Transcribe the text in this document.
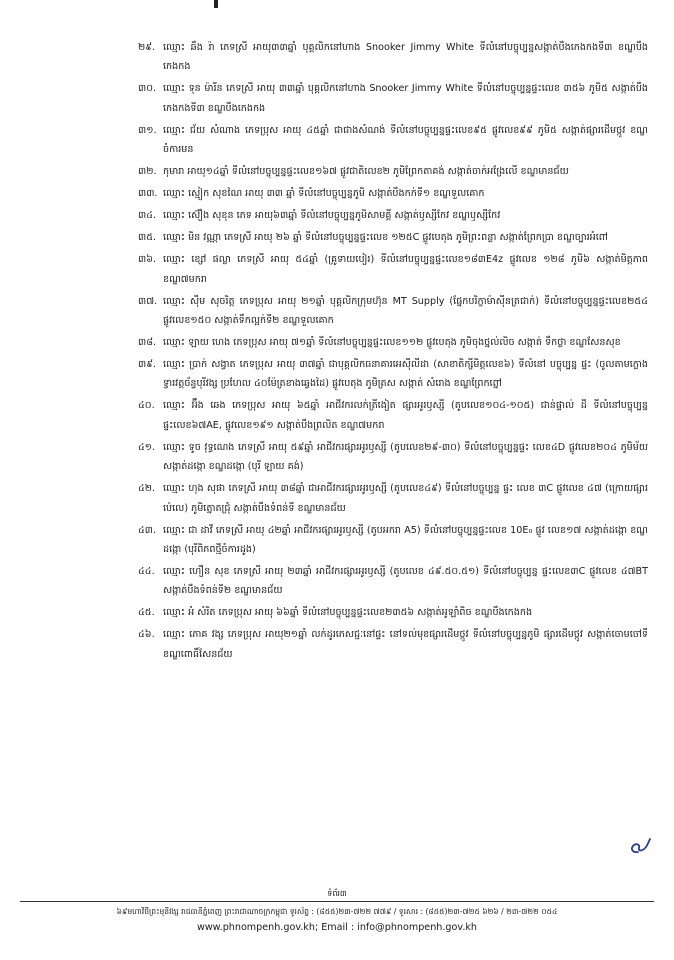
២៩. ឈ្មោះ ឆឹង រ៉ា ភេទស្រី អាយុ៣៣ឆ្នាំ បុគ្គលិកនៅហាង Snooker Jimmy White ទីលំនៅបច្ចុប្បន្នសង្កាត់បឹងកេងកងទី៣ ខណ្ឌបឹងកេងកង
៣០. ឈ្មោះ ទុន ម៉ារីន ភេទស្រី អាយុ ៣៣ឆ្នាំ បុគ្គលិកនៅហាង Snooker Jimmy White ទីលំនៅបច្ចុប្បន្នផ្ទះលេខ ៣៥៦ ភូមិ៥ សង្កាត់បឹងកេងកងទី៣ ខណ្ឌបឹងកេងកង
៣១. ឈ្មោះ ជ័យ សំណាង ភេទប្រុស អាយុ ៤៥ឆ្នាំ ជាជាងសំណង់ ទីលំនៅបច្ចុប្បន្នផ្ទះលេខ៩៥ ផ្លូវលេខ៩៩ ភូមិ៥ សង្កាត់ផ្សារដើមថ្កូវ ខណ្ឌចំការមន
៣២. កុមារា អាយុ១៤ឆ្នាំ ទីលំនៅបច្ចុប្បន្នផ្ទះលេខ១៦៧ ផ្លូវជាតិលេខ២ ភូមិព្រែកតាគង់ សង្កាត់ចាក់អង្រែលើ ខណ្ឌមានជ័យ
៣៣. ឈ្មោះ ស្មៀក សុខណៃ អាយុ ៣៣ ឆ្នាំ ទីលំនៅបច្ចុប្បន្នភូមិ សង្កាត់បឹងកក់ទី១ ខណ្ឌទួលគោក
៣៤. ឈ្មោះ ស៊ឿង សុខុន ភេទ អាយុ៦៣ឆ្នាំ ទីលំនៅបច្ចុប្បន្នភូមិសាមគ្គី សង្កាត់ឫស្សីកែវ ខណ្ឌឫស្សីកែវ
៣៥. ឈ្មោះ មិន វណ្ណា ភេទស្រី អាយុ ២៦ ឆ្នាំ ទីលំនៅបច្ចុប្បន្នផ្ទះលេខ ១២៥C ផ្លូវបេតុង ភូមិព្រះពន្លា សង្កាត់ព្រែកប្រា ខណ្ឌច្បារអំពៅ
៣៦. ឈ្មោះ ខ្សៅ ផល្លា ភេទស្រី អាយុ ៥៤ឆ្នាំ (គ្រូទាយបៀរ) ទីលំនៅបច្ចុប្បន្នផ្ទះលេខ១៨៣E4z ផ្លូវលេខ ១២៨ ភូមិ៦ សង្កាត់មិត្តភាព ខណ្ឌ៧មករា
៣៧. ឈ្មោះ ស៊ឹម សុចរិត្ត ភេទប្រុស អាយុ ២១ឆ្នាំ បុគ្គលិកក្រុមហ៊ុន MT Supply (ផ្នែកបរិក្ខាម៉ាស៊ីនត្រជាក់) ទីលំនៅបច្ចុប្បន្នផ្ទះលេខ២៥៤ ផ្លូវលេខ១៥០ សង្កាត់ទឹកល្អក់ទី២ ខណ្ឌទួលគោក
៣៨. ឈ្មោះ ឡាយ ហេង ភេទប្រុស អាយុ ៧១ឆ្នាំ ទីលំនៅបច្ចុប្បន្នផ្ទះលេខ១១២ ផ្លូវបេតុង ភូមិចុងថ្នល់លិច សង្កាត់ ទឹកថ្លា ខណ្ឌសែនសុខ
៣៩. ឈ្មោះ ប្រាក់ សង្វាត ភេទប្រុស អាយុ ៣៧ឆ្នាំ ជាបុគ្គលិកធនាគារអេស៊ីលីដា (សាខាតិក្សីមិត្តលេខ៦) ទីលំនៅ បច្ចុប្បន្ន ផ្ទះ (ចូលតាមក្លោងទ្វារវត្តច័ន្ទបុរីវង្ស ប្រហែល ៤០ម៉ែត្រខាងឆ្វេងដៃ) ផ្លូវបេតុង ភូមិត្រស សង្កាត់ សំរោង ខណ្ឌព្រែកព្នៅ
៤០. ឈ្មោះ អ៊ឹង ឆេង ភេទប្រុស អាយុ ៦៥ឆ្នាំ អាជីវករលក់ត្រីងៀត ផ្សារអូរឫស្សី (តូបលេខ១០៤-១០៥) ជាន់ផ្ទាល់ ដី ទីលំនៅបច្ចុប្បន្ន ផ្ទះលេខ៦៧AE, ផ្លូវលេខ១៩១ សង្កាត់បឹងព្រលិត ខណ្ឌ៧មករា
៤១. ឈ្មោះ ទូច វុទ្ធណេង ភេទស្រី អាយុ ៥៩ឆ្នាំ អាជីវករផ្សារអូរឫស្សី (តូបលេខ២៩-៣០) ទីលំនៅបច្ចុប្បន្នផ្ទះ លេខ៤D ផ្លូវលេខ២០៤ ភូមិម័យ សង្កាត់ដង្កោ ខណ្ឌដង្កោ (បុរី ឡាយ គង់)
៤២. ឈ្មោះ ហុង សុផា ភេទស្រី អាយុ ៣៨ឆ្នាំ ជាអាជីវករផ្សារអូរឫស្សី (តូបលេខ៤៩) ទីលំនៅបច្ចុប្បន្ន ផ្ទះ លេខ ៣C ផ្លូវលេខ ៤៧ (ក្រោយផ្សារប៉េលេ) ភូមិត្នោតជ្រុំ សង្កាត់បឹងទំពន់ទី ខណ្ឌមានជ័យ
៤៣. ឈ្មោះ ជា ដាវី ភេទស្រី អាយុ ៤២ឆ្នាំ អាជីវករផ្សារអូរឫស្សី (តូបអករា A5) ទីលំនៅបច្ចុប្បន្នផ្ទះលេខ 10E₀ ផ្លូវ លេខ១៧ សង្កាត់ដង្កោ ខណ្ឌដង្កោ (បុរីពិភពថ្មីចំការដូង)
៤៤. ឈ្មោះ ហឿន សុខ ភេទស្រី អាយុ ២៣ឆ្នាំ អាជីវករផ្សារអូរឫស្សី (តូបលេខ ៤៩.៥០.៥១) ទីលំនៅបច្ចុប្បន្ន ផ្ទះលេខ៣C ផ្លូវលេខ ៤៧BT សង្កាត់បឹងទំពន់ទី២ ខណ្ឌមានជ័យ
៤៥. ឈ្មោះ អំ សំរិត ភេទប្រុស អាយុ ៦៦ឆ្នាំ ទីលំនៅបច្ចុប្បន្នផ្ទះលេខ២៣៥៦ សង្កាត់អូឡាំពិច ខណ្ឌបឹងកេងកង
៤៦. ឈ្មោះ ភោគ វង្ស ភេទប្រុស អាយុ២១ឆ្នាំ លក់ដូរភេសជ្ជៈនៅផ្ទះ នៅទល់មុខផ្សារដើមថ្កូវ ទីលំនៅបច្ចុប្បន្នភូមិ ផ្សារដើមថ្កូវ សង្កាត់ចោមចៅទី ខណ្ឌពោធិ៍សែនជ័យ
ទំព័រ៣
៦៩មហាវិថីព្រះមុនីវង្ស រាជធានីភ្នំពេញ ព្រះរាជាណាចក្រកម្ពុជា ទូរស័ព្ទ : (៨៥៥)២៣-៧២២ ៧៧៩ / ទូរសារ : (៨៥៥)២៣-៧២៥ ៦២៦ / ២៣-៧២២ ០៥៤
www.phnompenh.gov.kh; Email : info@phnompenh.gov.kh
